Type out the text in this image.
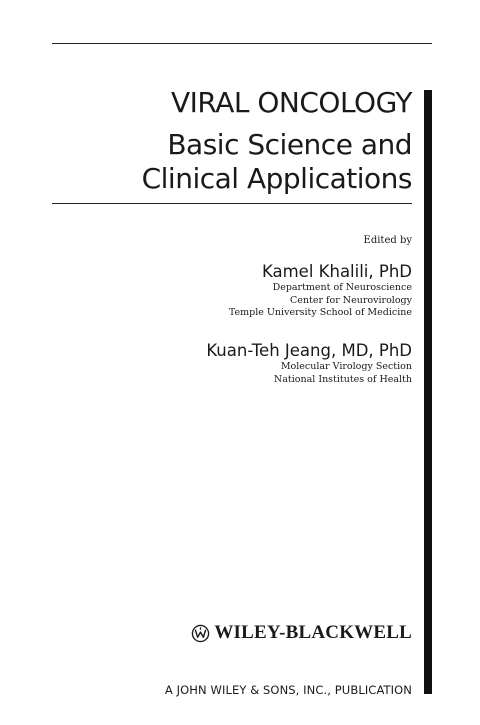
VIRAL ONCOLOGY
Basic Science and
Clinical Applications
Edited by
Kamel Khalili, PhD
Department of Neuroscience
Center for Neurovirology
Temple University School of Medicine
Kuan-Teh Jeang, MD, PhD
Molecular Virology Section
National Institutes of Health
WILEY-BLACKWELL
A JOHN WILEY & SONS, INC., PUBLICATION
